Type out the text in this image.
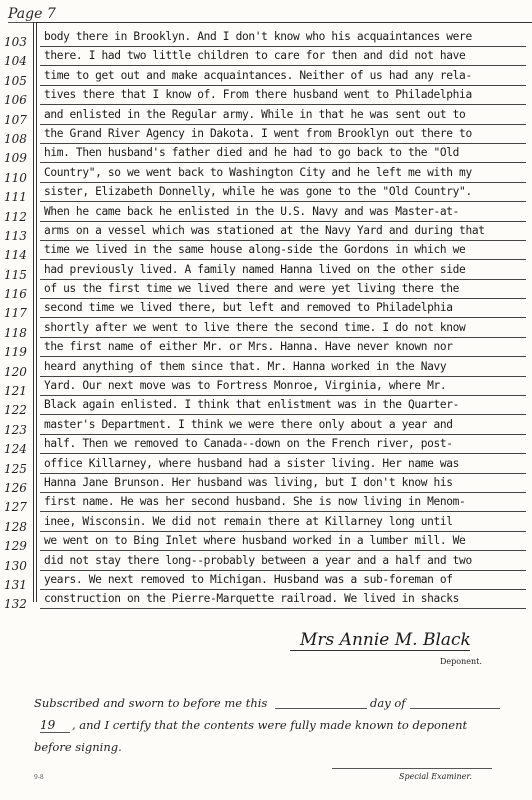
Page 7
103 body there in Brooklyn. And I don't know who his acquaintances were
104 there. I had two little children to care for then and did not have
105 time to get out and make acquaintances. Neither of us had any rela-
106 tives there that I know of. From there husband went to Philadelphia
107 and enlisted in the Regular army. While in that he was sent out to
108 the Grand River Agency in Dakota. I went from Brooklyn out there to
109 him. Then husband's father died and he had to go back to the "Old
110 Country", so we went back to Washington City and he left me with my
111 sister, Elizabeth Donnelly, while he was gone to the "Old Country".
112 When he came back he enlisted in the U.S. Navy and was Master-at-
113 arms on a vessel which was stationed at the Navy Yard and during that
114 time we lived in the same house along-side the Gordons in which we
115 had previously lived. A family named Hanna lived on the other side
116 of us the first time we lived there and were yet living there the
117 second time we lived there, but left and removed to Philadelphia
118 shortly after we went to live there the second time. I do not know
119 the first name of either Mr. or Mrs. Hanna. Have never known nor
120 heard anything of them since that. Mr. Hanna worked in the Navy
121 Yard. Our next move was to Fortress Monroe, Virginia, where Mr.
122 Black again enlisted. I think that enlistment was in the Quarter-
123 master's Department. I think we were there only about a year and
124 half. Then we removed to Canada--down on the French river, post-
125 office Killarney, where husband had a sister living. Her name was
126 Hanna Jane Brunson. Her husband was living, but I don't know his
127 first name. He was her second husband. She is now living in Menom-
128 inee, Wisconsin. We did not remain there at Killarney long until
129 we went on to Bing Inlet where husband worked in a lumber mill. We
130 did not stay there long--probably between a year and a half and two
131 years. We next removed to Michigan. Husband was a sub-foreman of
132 construction on the Pierre-Marquette railroad. We lived in shacks
Mrs Annie M. Black
Deponent.
Subscribed and sworn to before me this	day of
19 , and I certify that the contents were fully made known to deponent
before signing.
9-8	Special Examiner.
